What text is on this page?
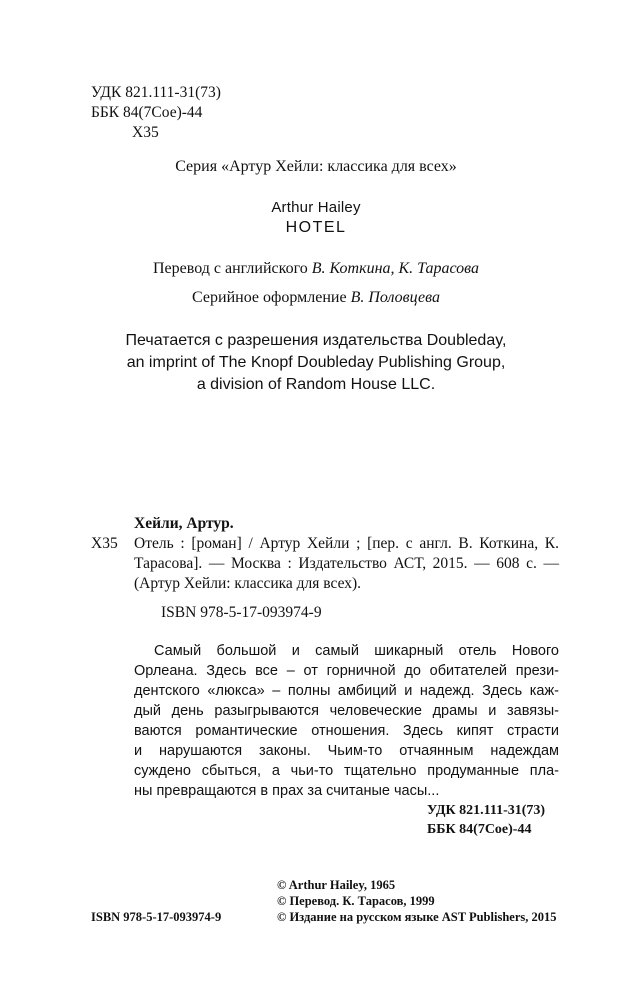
УДК 821.111-31(73)
ББК 84(7Сое)-44
Х35
Серия «Артур Хейли: классика для всех»
Arthur Hailey
HOTEL
Перевод с английского В. Коткина, К. Тарасова
Серийное оформление В. Половцева
Печатается с разрешения издательства Doubleday,
an imprint of The Knopf Doubleday Publishing Group,
a division of Random House LLC.
Хейли, Артур.
Х35 Отель : [роман] / Артур Хейли ; [пер. с англ. В. Коткина, К. Тарасова]. — Москва : Издательство АСТ, 2015. — 608 с. — (Артур Хейли: классика для всех).
ISBN 978-5-17-093974-9
Самый большой и самый шикарный отель Нового
Орлеана. Здесь все – от горничной до обитателей прези-
дентского «люкса» – полны амбиций и надежд. Здесь каж-
дый день разыгрываются человеческие драмы и завязы-
ваются романтические отношения. Здесь кипят страсти
и нарушаются законы. Чьим-то отчаянным надеждам
суждено сбыться, а чьи-то тщательно продуманные пла-
ны превращаются в прах за считаные часы...
УДК 821.111-31(73)
ББК 84(7Сое)-44
© Arthur Hailey, 1965
© Перевод. К. Тарасов, 1999
© Издание на русском языке AST Publishers, 2015
ISBN 978-5-17-093974-9
